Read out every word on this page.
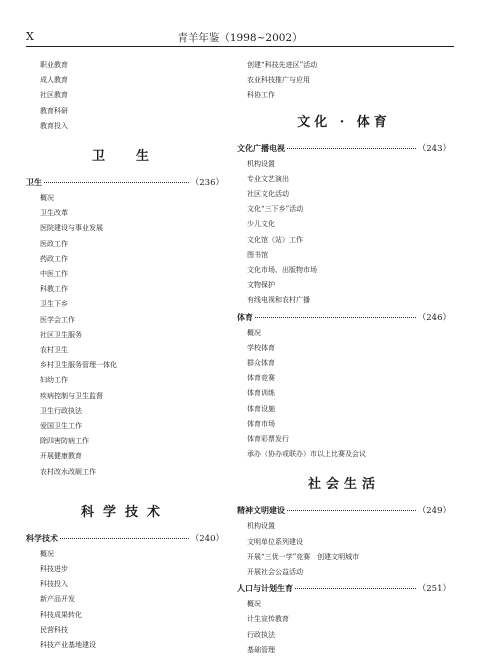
X	青羊年鉴（1998~2002）
职业教育
成人教育
社区教育
教育科研
教育投入
卫　生
卫生	（236）
概况
卫生改革
医院建设与事业发展
医政工作
药政工作
中医工作
科教工作
卫生下乡
医学会工作
社区卫生服务
农村卫生
乡村卫生服务管理一体化
妇幼工作
疾病控制与卫生监督
卫生行政执法
爱国卫生工作
除四害防病工作
开展健康教育
农村改水改厕工作
科学技术
科学技术	（240）
概况
科技进步
科技投入
新产品开发
科技成果转化
民营科技
科技产业基地建设
创建“科技先进区”活动
农业科技推广与应用
科协工作
文化 · 体育
文化广播电视	（243）
机构设置
专业文艺演出
社区文化活动
文化“三下乡”活动
少儿文化
文化馆（站）工作
图书馆
文化市场、出版物市场
文物保护
有线电视和农村广播
体育	（246）
概况
学校体育
群众体育
体育竞赛
体育训练
体育设施
体育市场
体育彩票发行
承办（协办或联办）市以上比赛及会议
社会生活
精神文明建设	（249）
机构设置
文明单位系列建设
开展“三优一学”竞赛　创建文明城市
开展社会公益活动
人口与计划生育	（251）
概况
计生宣传教育
行政执法
基础管理
